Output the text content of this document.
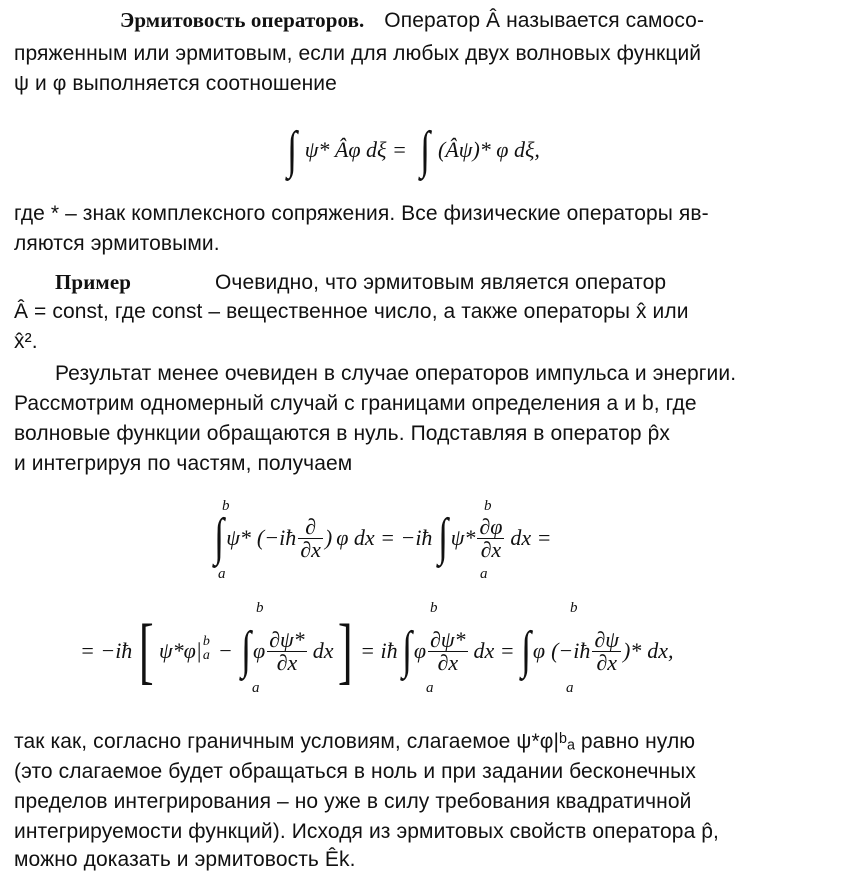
Эрмитовость операторов. Оператор Â называется самосо-
пряженным или эрмитовым, если для любых двух волновых функций
ψ и φ выполняется соотношение
∫ ψ* Âφ dξ = ∫ (Âψ)* φ dξ,
где * – знак комплексного сопряжения. Все физические операторы яв-
ляются эрмитовыми.
Пример	Очевидно, что эрмитовым является оператор
Â = const, где const – вещественное число, а также операторы x̂ или
x̂².
Результат менее очевиден в случае операторов импульса и энергии.
Рассмотрим одномерный случай с границами определения a и b, где
волновые функции обращаются в нуль. Подставляя в оператор p̂x
и интегрируя по частям, получаем
b
a
∫ ψ* (−iħ $\frac{\partial}{\partial x}$ ) φ dx = −iħ ∫ $\psi* \frac{\partial\varphi}{\partial x}$ dx =
b
a
= −iħ [ ψ*φ| b
a − ∫ φ $\frac{\partial\psi*}{\partial x}$ dx ] = iħ ∫ φ $\frac{\partial\psi*}{\partial x}$ dx = ∫ φ (−iħ $\frac{\partial\psi}{\partial x}$ )* dx,
b
a
b
a
b
a
так как, согласно граничным условиям, слагаемое ψ*φ|ᵇₐ равно нулю
(это слагаемое будет обращаться в ноль и при задании бесконечных
пределов интегрирования – но уже в силу требования квадратичной
интегрируемости функций). Исходя из эрмитовых свойств оператора p̂,
можно доказать и эрмитовость Êk.
